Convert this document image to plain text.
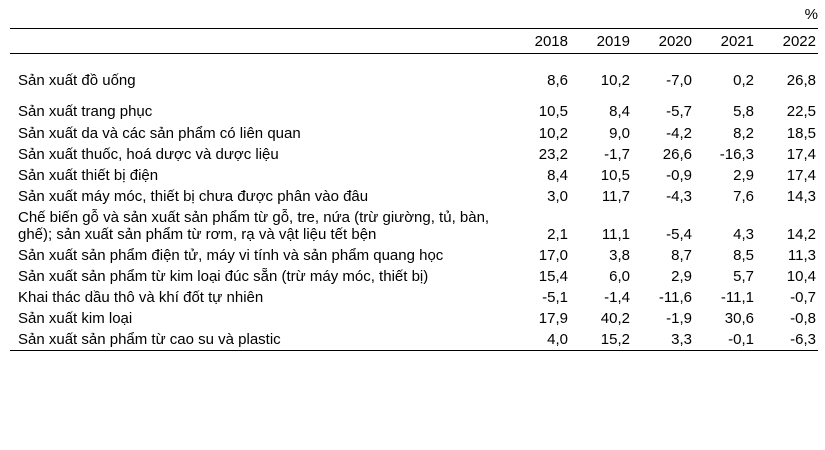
%
	2018	2019	2020	2021	2022
Sản xuất đồ uống	8,6	10,2	-7,0	0,2	26,8
Sản xuất trang phục	10,5	8,4	-5,7	5,8	22,5
Sản xuất da và các sản phẩm có liên quan	10,2	9,0	-4,2	8,2	18,5
Sản xuất thuốc, hoá dược và dược liệu	23,2	-1,7	26,6	-16,3	17,4
Sản xuất thiết bị điện	8,4	10,5	-0,9	2,9	17,4
Sản xuất máy móc, thiết bị chưa được phân vào đâu	3,0	11,7	-4,3	7,6	14,3
Chế biến gỗ và sản xuất sản phẩm từ gỗ, tre, nứa (trừ giường, tủ, bàn, ghế); sản xuất sản phẩm từ rơm, rạ và vật liệu tết bện	2,1	11,1	-5,4	4,3	14,2
Sản xuất sản phẩm điện tử, máy vi tính và sản phẩm quang học	17,0	3,8	8,7	8,5	11,3
Sản xuất sản phẩm từ kim loại đúc sẵn (trừ máy móc, thiết bị)	15,4	6,0	2,9	5,7	10,4
Khai thác dầu thô và khí đốt tự nhiên	-5,1	-1,4	-11,6	-11,1	-0,7
Sản xuất kim loại	17,9	40,2	-1,9	30,6	-0,8
Sản xuất sản phẩm từ cao su và plastic	4,0	15,2	3,3	-0,1	-6,3
